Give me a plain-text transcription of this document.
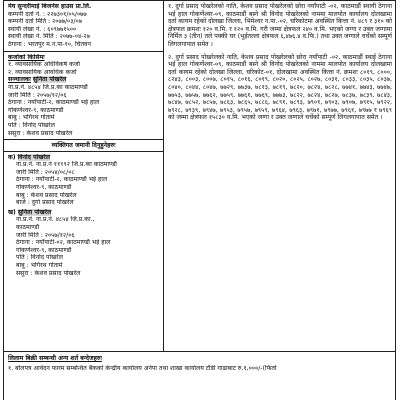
मेघ सुन्दरीमाई बिजनेस हाउस प्रा.लि.
कम्पनी दर्ता नं. : २२७३०१/०५/०७७
कम्पनी दर्ता मिति : २०७७/०३/०७
स्थायी लेखा नं. : ६०९७७१५००
स्थायी लेखा नं. मिति : २०७७-०४-२७
ठेगाना : भरतपुर म.न.पा-१०, चितवन
कर्जाको किसिमः
१. व्यावसायिक अधिविकर्ष कर्जा
२. व्यावसायिक आवधिक कर्जा
सञ्चालकः सुनिता पोखरेल
ना.प्र.नं. ४८५४ जि.प्र.का काठमाण्डौ
जारी मिति : २०५७/१२/०६
ठेगाना : नयाँपाटी-२, काठमाण्डौ भई हाल
गोकर्णेश्वर-९, काठमाण्डौ
बाबु : भगिरथ गोतामे
पति : विनोद पोखरेल
ससुरा : केशव प्रसाद पोखरेल
व्यक्तिगत जमानी दिनुहुनेहरुः
क) विनोद पोखरेल
ना.प्र.नं. ना.प्र.नं ११९९२ जि.प्र.का काठमाण्डौ
जारी मिति : २०५४/०८/०८
ठेगाना : नयाँपाटी-२, काठमाण्डौ भई हाल
गोकर्णेश्वर-९, काठमाण्डौ
बाबु : केशव प्रसाद पोखरेल
बाजे : दुर्गा प्रसाद पोखरेल
ख) सुनिता पोखरेल
ना.प्र.नं. ना.प्र.नं. ४८५४ जि.प्र.का.,
काठमाण्डौ
जारी मिति : २०५७/१२/०६
ठेगाना : नयाँपाटी-०२, काठमाण्डौ भई हाल
गोकर्णेश्वर-९, काठमाण्डौ
पति : विनोद पोखरेल
बाबु : भगिरथ गोतामे
ससुरा : केशव प्रसाद पोखरेल
१. दुर्गा प्रसाद पोखरेलको नाति, केशव प्रसाद पोखरेलको छोरा नयाँपाटी -०२, काठमाडौं स्थायी ठेगाना भई हाल गोकर्णेश्वर-०९, काठमाडौं बस्ने श्री विनोद पोखरेलको नाममा मालपोत कार्यालय दोलखामा दर्ता कायम रहेको दोलखा जिल्ला, भिमेश्वर न.पा.-०२, चरिकोटमा अवस्थित कित्ता नं. ४८९ र ३१० को क्षेत्रफल क्रमशः १२० व.मि. र १२० व.मि. गरी जम्मा क्षेत्रफल २४० व.मि. भएको जग्गा र उक्त जग्गामा निर्मित ३ (तीन) तले पक्की घर (भुईतल्ला क्षेत्रफल ६,४७६.४ व.फि.) तथा उक्त जग्गाले चर्चेको सम्पूर्ण लिगलगापात समेत ।
२. दुर्गा प्रसाद पोखरेलको नाति, केशव प्रसाद पोखरेलको छोरा नयाँपाटी -०२, काठमाडौं स्थाई ठेगाना भई हाल गोकर्णेश्वर-०९, काठमाडौं बस्ने श्री विनोद पोखरेलको नाममा मालपोत कार्यालय दोलखामा दर्ता कायम रहेको दोलखा जिल्ला, चरिकोट-०१, दोलखामा अवस्थित कित्ता नं. क्रमशः ८०१९, ८०००, ८२४३, ८००३, ८००७, ८०१५, ८०१६, ८०१९, ८०२०, ८०२५, ८०२७, ८०३१, ८०३३, ८०३५, ८०३७, ८०४०, ८०४४, ८०४७, ७७२९, ७७३७, ७८१३, ७८१९, ७८२०, ७८२४, ७८२८, ७७४१, ७७४३, ७७४७, ७७५३, ७७५७, ७७६२, ७७५९, ७७६१, ७७६९, ७७७३, ७८२२, ७८२४, ७८२७, ७८३७, ७८३९, ७८४३, ७८४७, ७८५२, ७८५७, ७८६३, ७८६५, ७८८६, ७८९१, ७८९३, ७९०१, ७९०३, ७९०७, ७९१५, ७९२२, ७९२८, ७९३९, ७९४७, ७९५३, ७९५७, ७९५९, ७९६४, ७९६३, ७९७१, ७९७७, ७९६१, ७९७७ र ७९६९ को जम्मा क्षेत्रफल १५८३० व.मि. भएको जग्गा र उक्त जग्गाले चर्चेको सम्पूर्ण लिगलगापात समेत ।
लिलाम बिक्री सम्बन्धी अन्य शर्त बन्देजहरुः
१. बोलपत्र आवेदन फारम सम्बन्धित बैंकको केन्द्रीय कार्यालय अनेपा तथा शाखा कार्यालय टौडी गाढाबाट रु.१,०००/-(फिर्ता
